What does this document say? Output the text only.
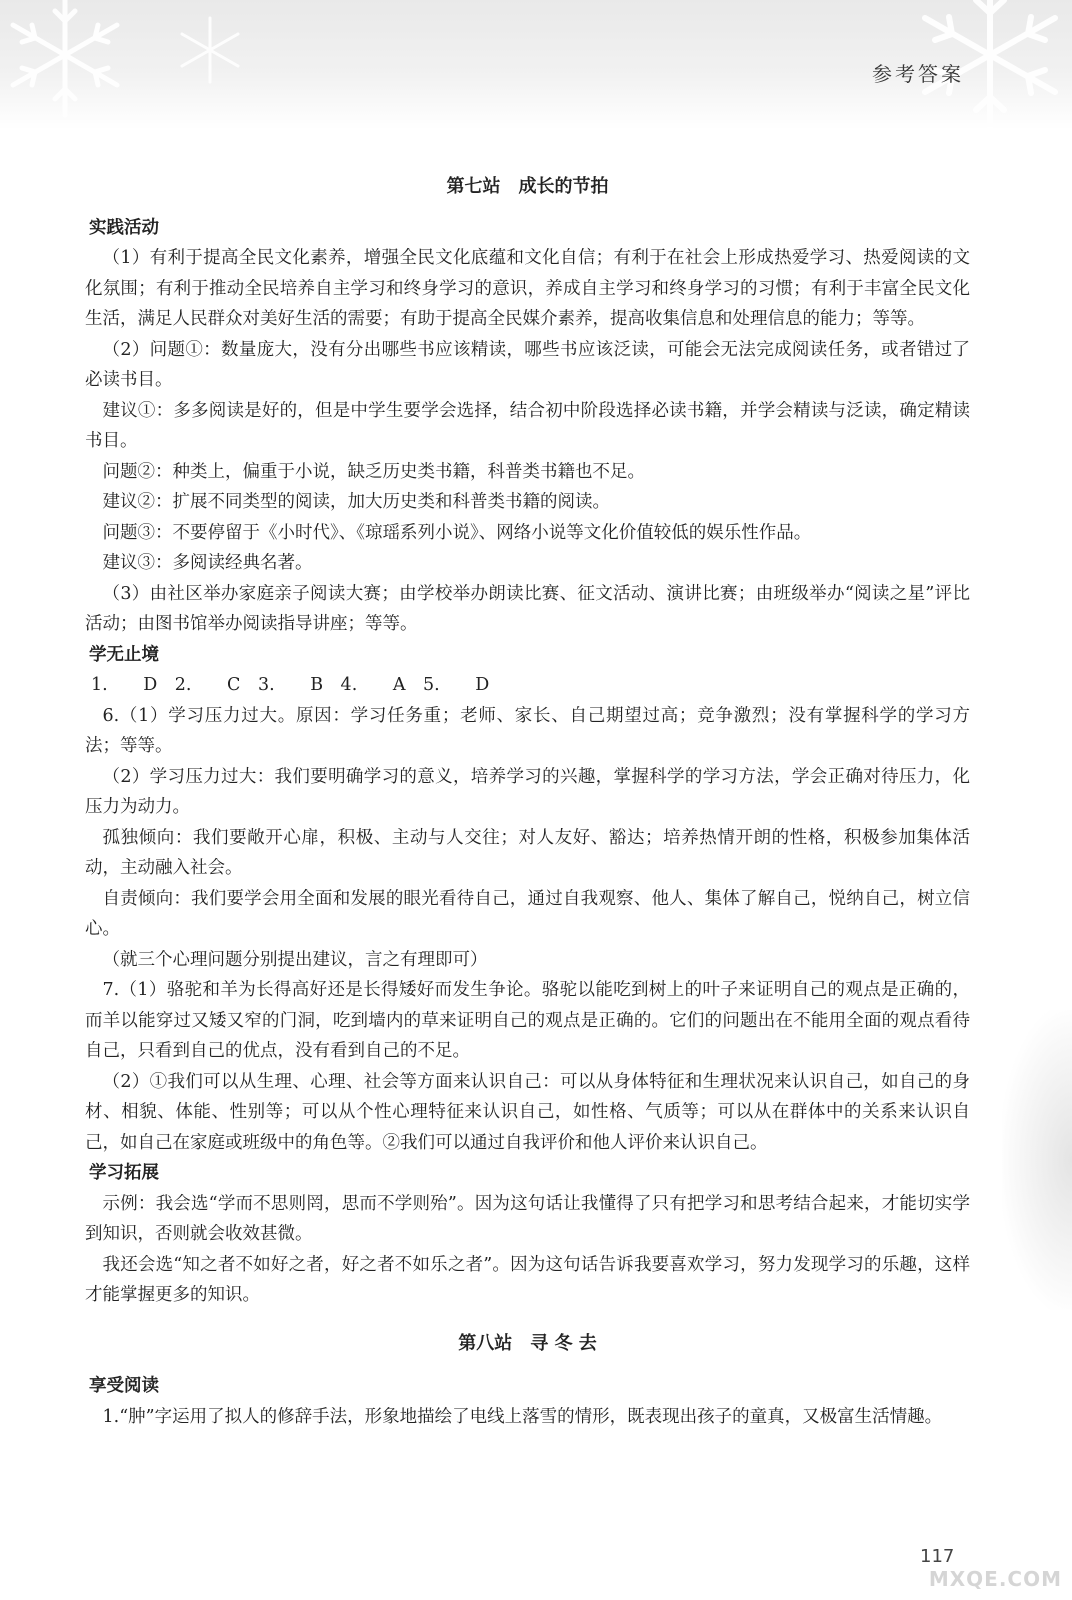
参考答案
第七站　成长的节拍
实践活动

（1）有利于提高全民文化素养，增强全民文化底蕴和文化自信；有利于在社会上形成热爱学习、热爱阅读的文化氛围；有利于推动全民培养自主学习和终身学习的意识，养成自主学习和终身学习的习惯；有利于丰富全民文化生活，满足人民群众对美好生活的需要；有助于提高全民媒介素养，提高收集信息和处理信息的能力；等等。

（2）问题①：数量庞大，没有分出哪些书应该精读，哪些书应该泛读，可能会无法完成阅读任务，或者错过了必读书目。

建议①：多多阅读是好的，但是中学生要学会选择，结合初中阶段选择必读书籍，并学会精读与泛读，确定精读书目。

问题②：种类上，偏重于小说，缺乏历史类书籍，科普类书籍也不足。

建议②：扩展不同类型的阅读，加大历史类和科普类书籍的阅读。

问题③：不要停留于《小时代》、《琼瑶系列小说》、网络小说等文化价值较低的娱乐性作品。

建议③：多阅读经典名著。

（3）由社区举办家庭亲子阅读大赛；由学校举办朗读比赛、征文活动、演讲比赛；由班级举办“阅读之星”评比活动；由图书馆举办阅读指导讲座；等等。

学无止境

1. D　2. C　3. B　4. A　5. D

6.（1）学习压力过大。原因：学习任务重；老师、家长、自己期望过高；竞争激烈；没有掌握科学的学习方法；等等。

（2）学习压力过大：我们要明确学习的意义，培养学习的兴趣，掌握科学的学习方法，学会正确对待压力，化压力为动力。

孤独倾向：我们要敞开心扉，积极、主动与人交往；对人友好、豁达；培养热情开朗的性格，积极参加集体活动，主动融入社会。

自责倾向：我们要学会用全面和发展的眼光看待自己，通过自我观察、他人、集体了解自己，悦纳自己，树立信心。

（就三个心理问题分别提出建议，言之有理即可）

7.（1）骆驼和羊为长得高好还是长得矮好而发生争论。骆驼以能吃到树上的叶子来证明自己的观点是正确的，而羊以能穿过又矮又窄的门洞，吃到墙内的草来证明自己的观点是正确的。它们的问题出在不能用全面的观点看待自己，只看到自己的优点，没有看到自己的不足。

（2）①我们可以从生理、心理、社会等方面来认识自己：可以从身体特征和生理状况来认识自己，如自己的身材、相貌、体能、性别等；可以从个性心理特征来认识自己，如性格、气质等；可以从在群体中的关系来认识自己，如自己在家庭或班级中的角色等。②我们可以通过自我评价和他人评价来认识自己。

学习拓展

示例：我会选“学而不思则罔，思而不学则殆”。因为这句话让我懂得了只有把学习和思考结合起来，才能切实学到知识，否则就会收效甚微。

我还会选“知之者不如好之者，好之者不如乐之者”。因为这句话告诉我要喜欢学习，努力发现学习的乐趣，这样才能掌握更多的知识。

第八站　寻 冬 去
享受阅读

1.“肿”字运用了拟人的修辞手法，形象地描绘了电线上落雪的情形，既表现出孩子的童真，又极富生活情趣。

117
MXQE.COM
